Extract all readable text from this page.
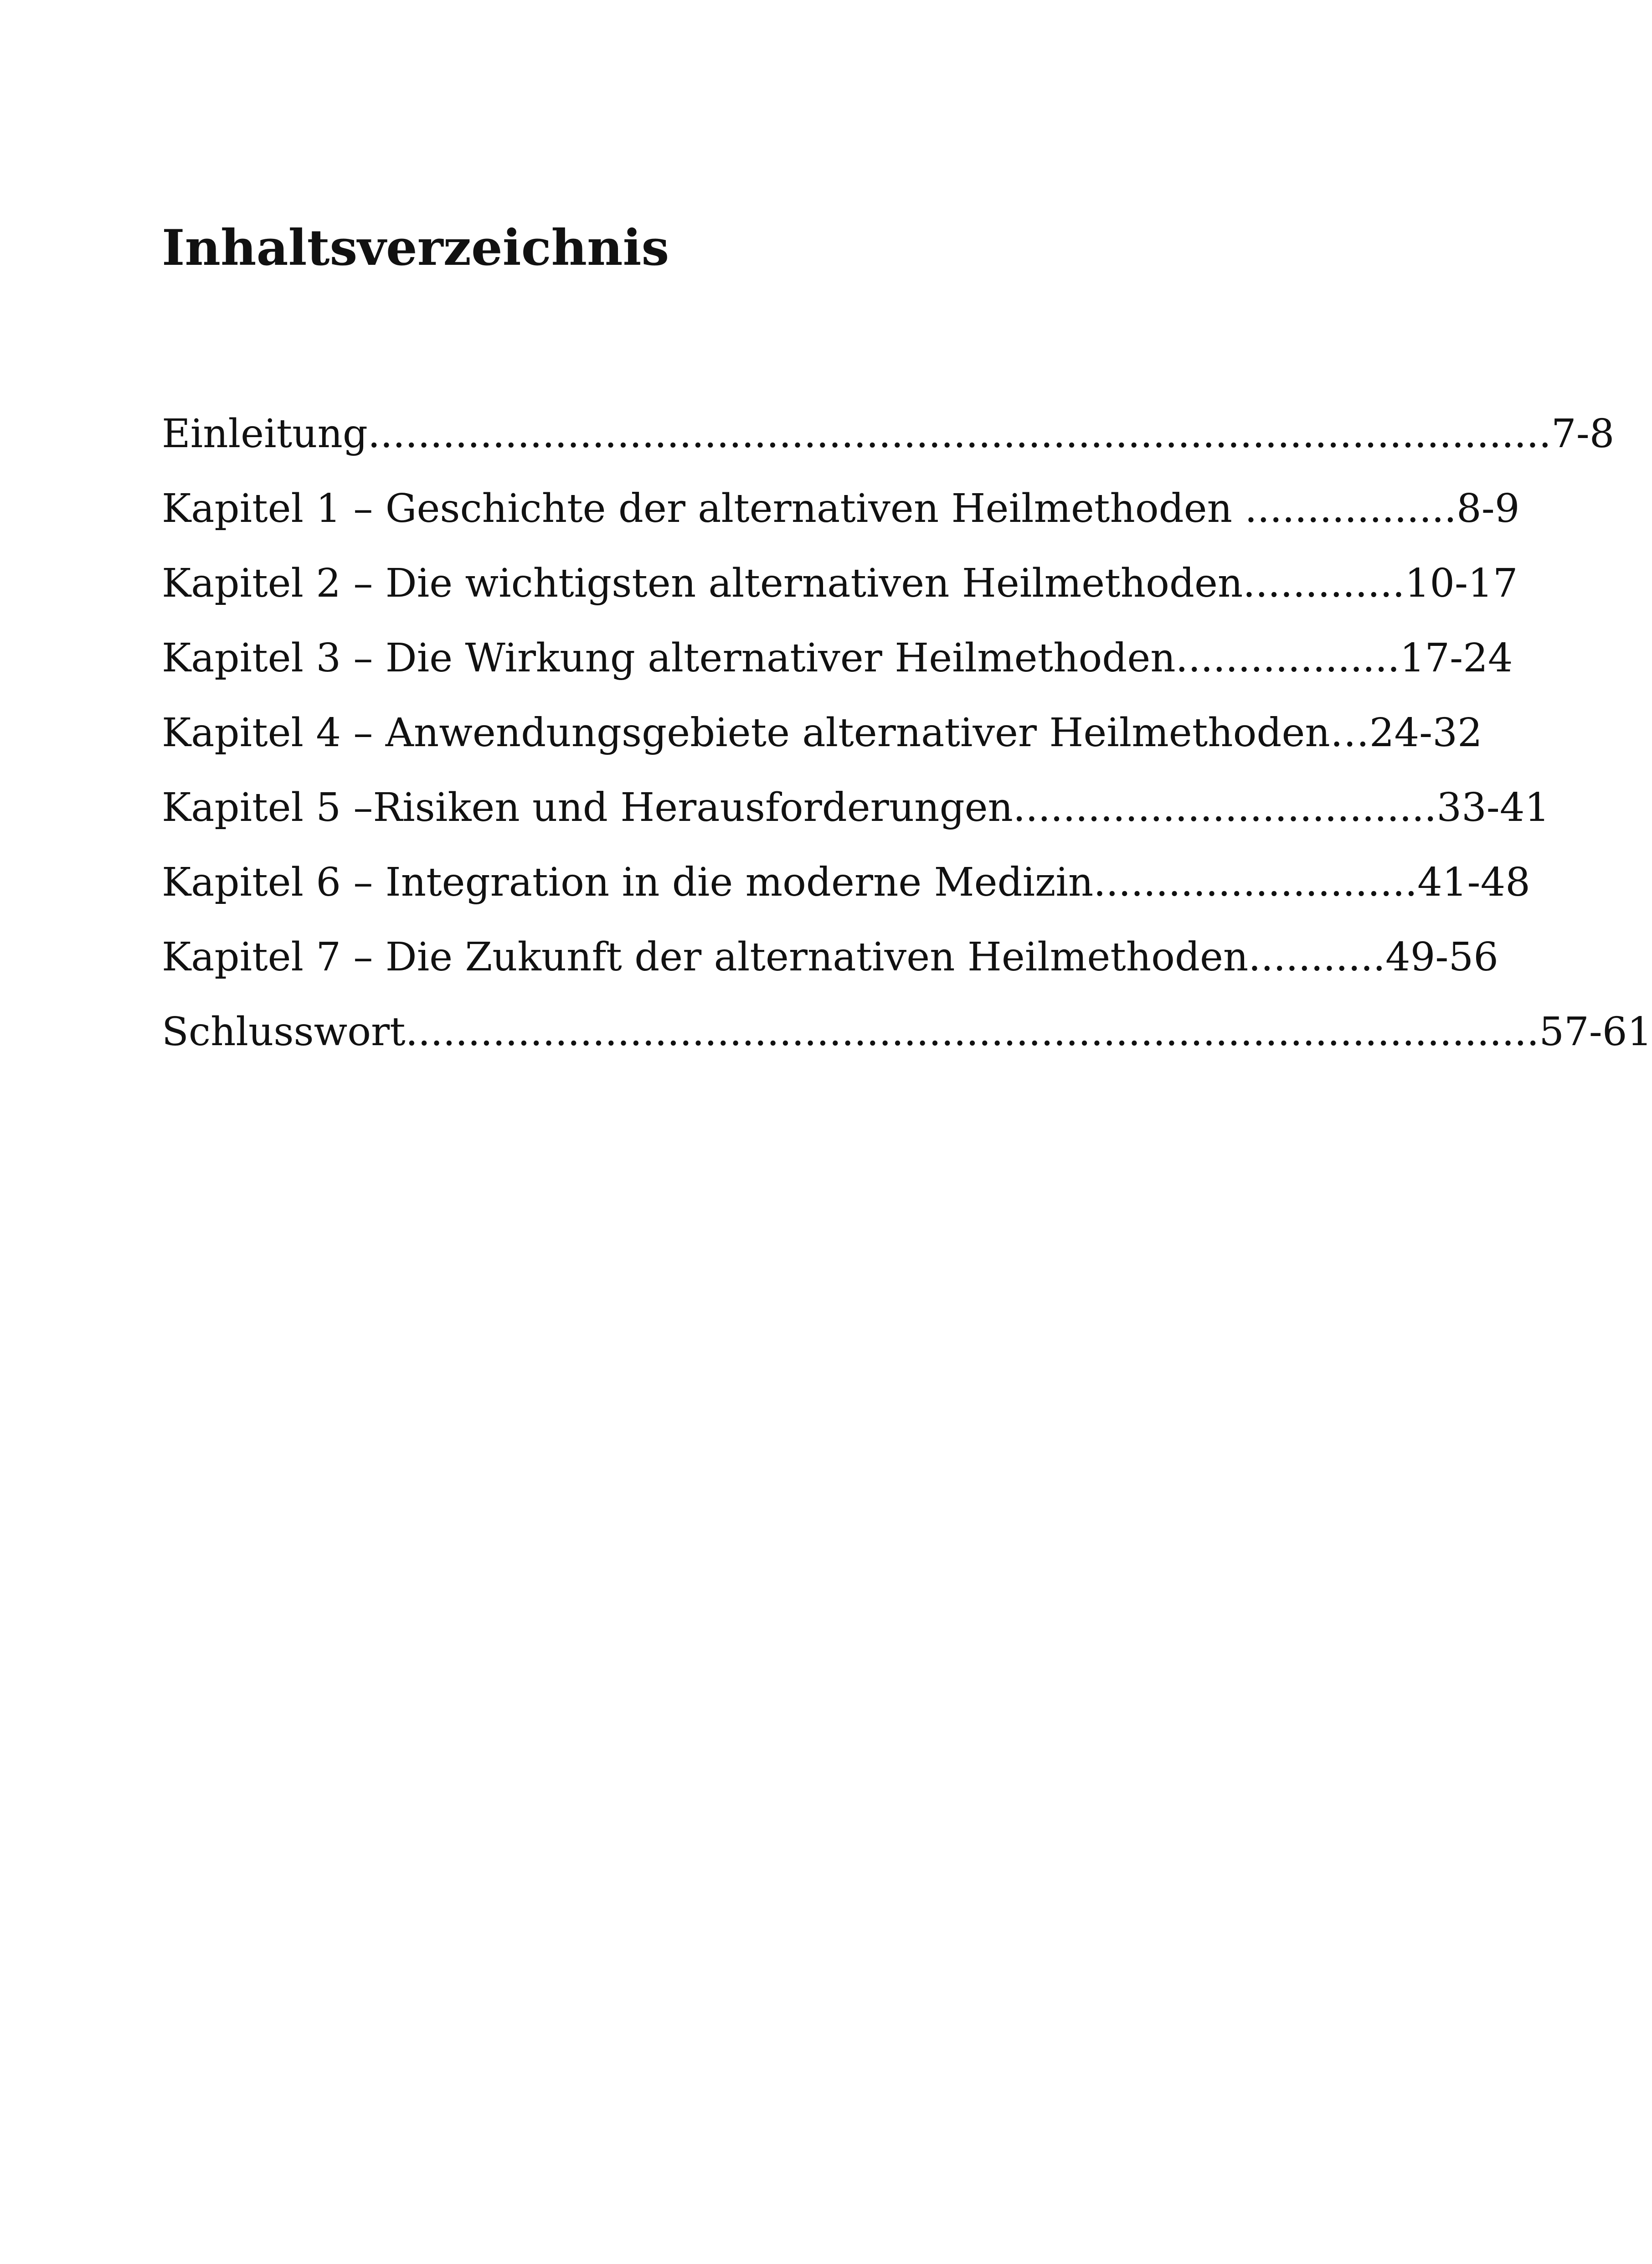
Inhaltsverzeichnis
Einleitung...............................................................................................7-8
Kapitel 1 – Geschichte der alternativen Heilmethoden .................8-9
Kapitel 2 – Die wichtigsten alternativen Heilmethoden.............10-17
Kapitel 3 – Die Wirkung alternativer Heilmethoden..................17-24
Kapitel 4 – Anwendungsgebiete alternativer Heilmethoden…24-32
Kapitel 5 –Risiken und Herausforderungen..................................33-41
Kapitel 6 – Integration in die moderne Medizin..........................41-48
Kapitel 7 – Die Zukunft der alternativen Heilmethoden...........49-56
Schlusswort...........................................................................................57-61
